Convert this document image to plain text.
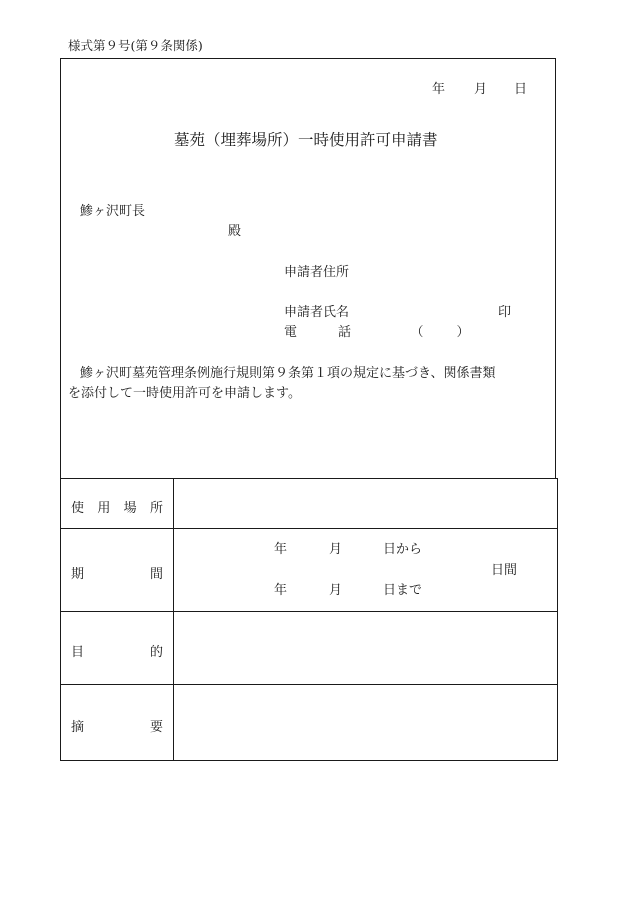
様式第９号(第９条関係)
年 月 日
墓苑（埋葬場所）一時使用許可申請書
鯵ヶ沢町長
殿
申請者住所
申請者氏名	印
電	話	（	）
鯵ヶ沢町墓苑管理条例施行規則第９条第１項の規定に基づき、関係書類
を添付して一時使用許可を申請します。
使 用 場 所
期	間
年	月	日から
日間
年	月	日まで
目	的
摘	要
